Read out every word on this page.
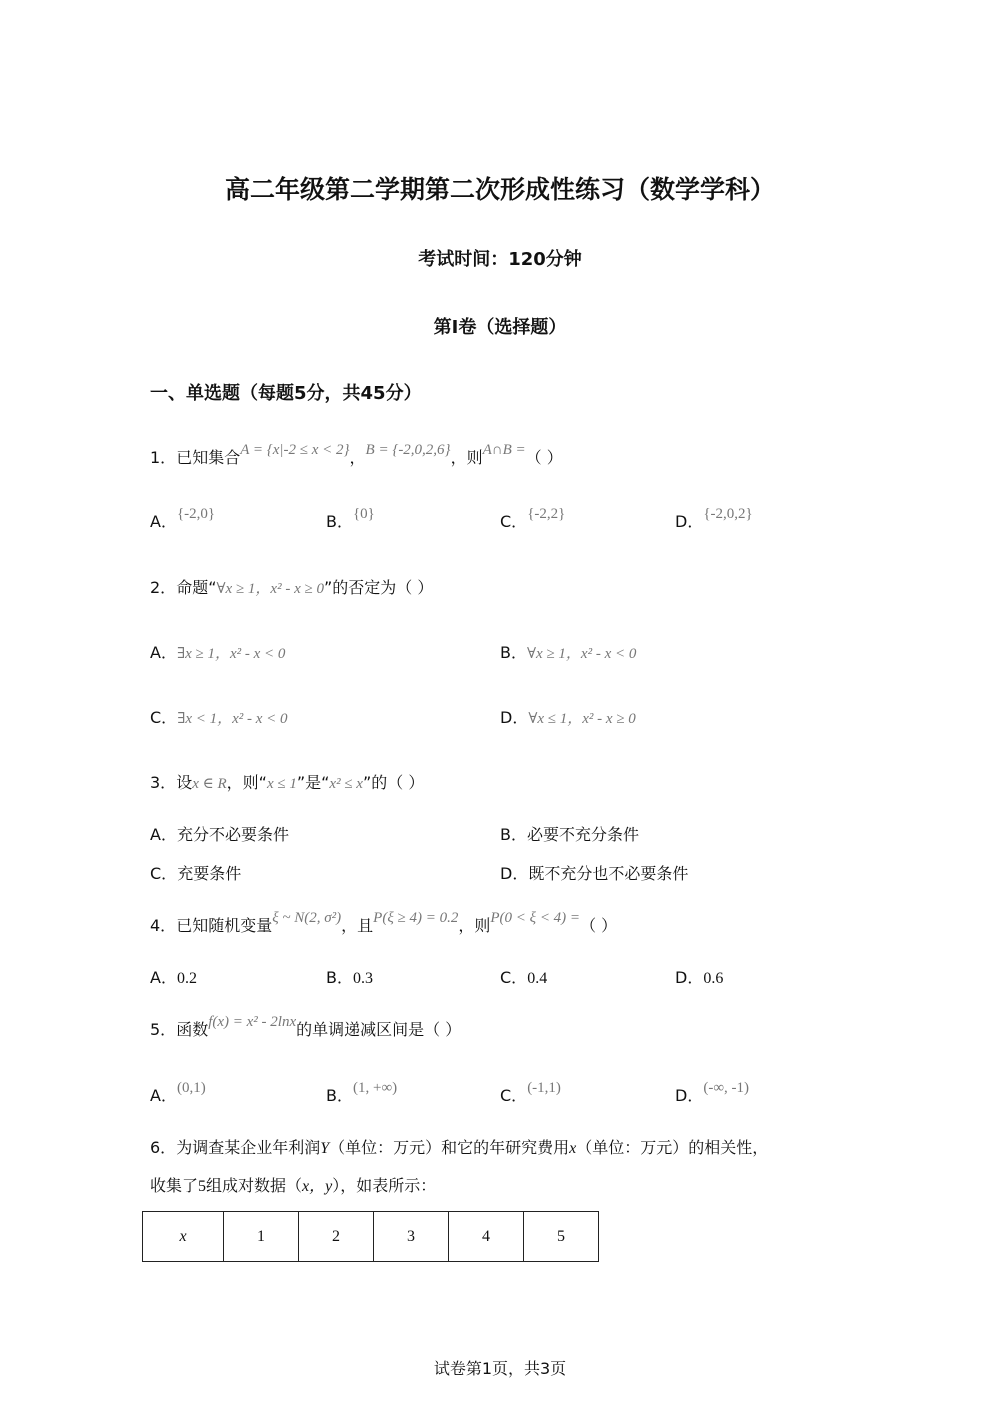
高二年级第二学期第二次形成性练习（数学学科）
考试时间：120分钟
第Ⅰ卷（选择题）
一、单选题（每题5分，共45分）
1．已知集合A = {x|-2 ≤ x < 2}，B = {-2,0,2,6}，则A∩B =（ ）
A．{-2,0}	B．{0}	C．{-2,2}	D．{-2,0,2}
2．命题“∀x ≥ 1，x² - x ≥ 0”的否定为（ ）
A．∃x ≥ 1，x² - x < 0	B．∀x ≥ 1，x² - x < 0
C．∃x < 1，x² - x < 0	D．∀x ≤ 1，x² - x ≥ 0
3．设x ∈ R，则“x ≤ 1”是“x² ≤ x”的（ ）
A．充分不必要条件	B．必要不充分条件
C．充要条件	D．既不充分也不必要条件
4．已知随机变量ξ ~ N(2, σ²)，且P(ξ ≥ 4) = 0.2，则P(0 < ξ < 4) =（ ）
A．0.2	B．0.3	C．0.4	D．0.6
5．函数f(x) = x² - 2lnx的单调递减区间是（ ）
A．(0,1)	B．(1, +∞)	C．(-1,1)	D．(-∞, -1)
6．为调查某企业年利润Y（单位：万元）和它的年研究费用x（单位：万元）的相关性，
收集了5组成对数据（x，y），如表所示：
x	1	2	3	4	5
试卷第1页，共3页
